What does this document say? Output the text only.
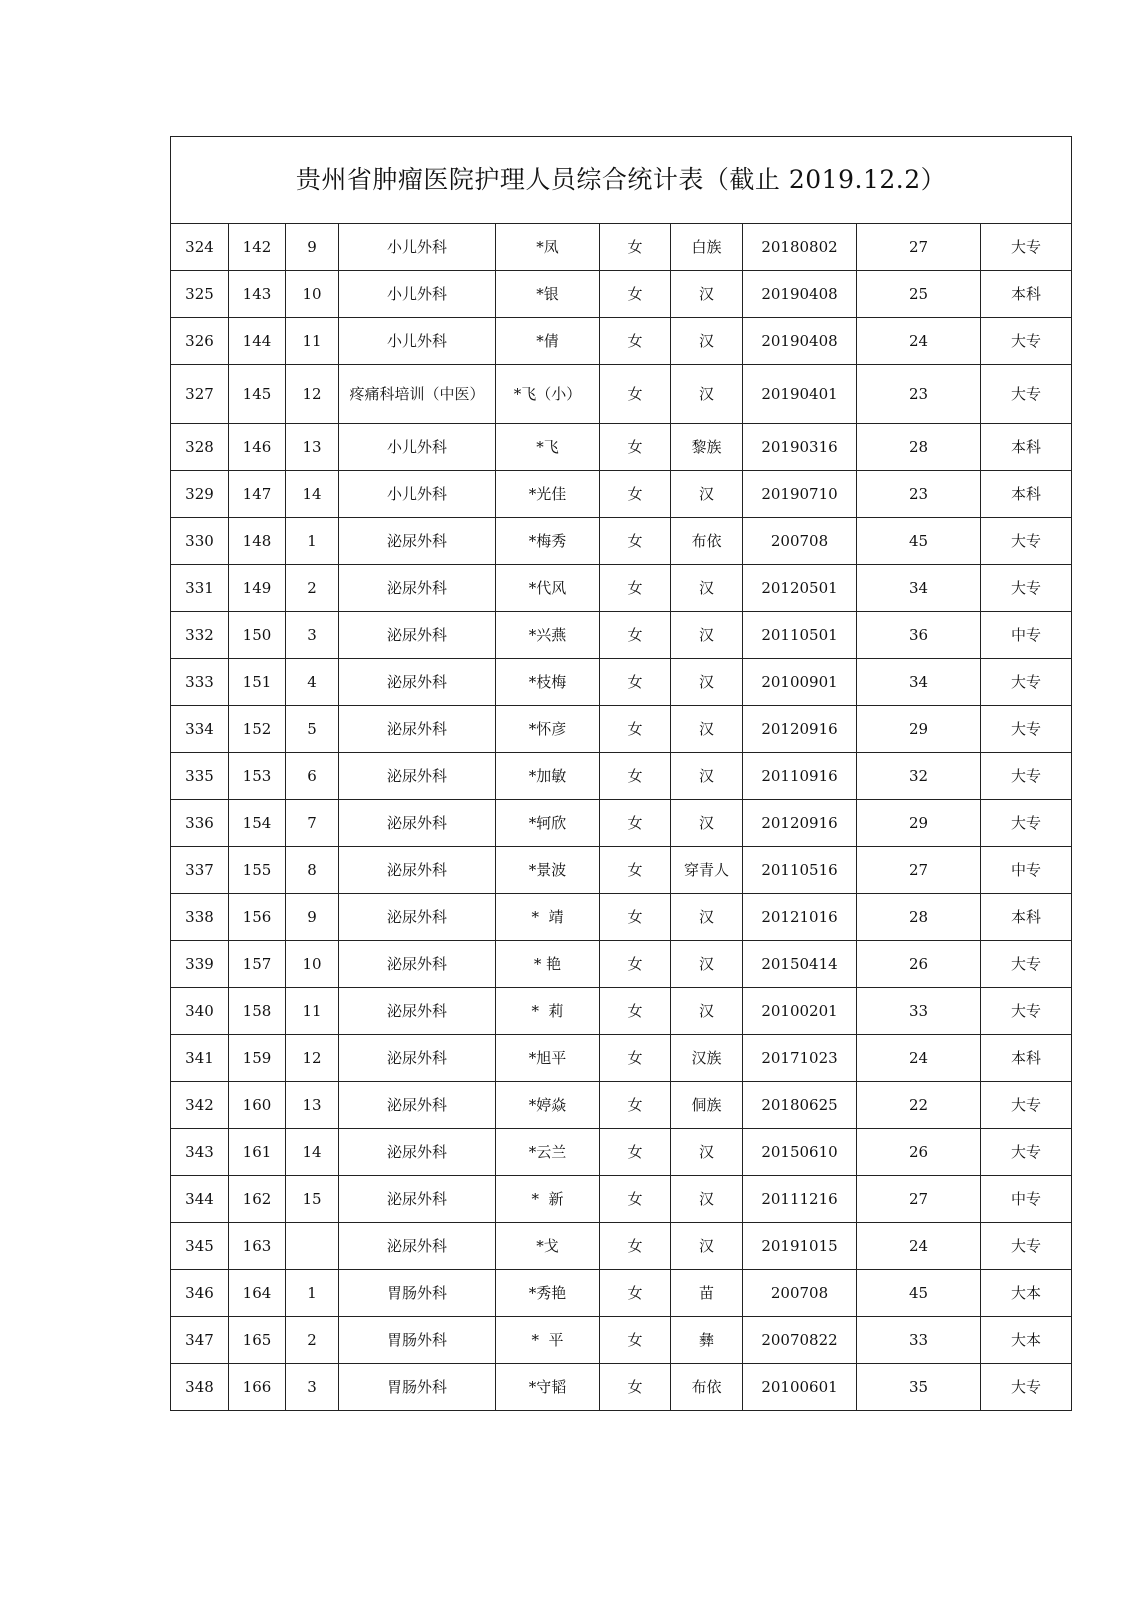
贵州省肿瘤医院护理人员综合统计表（截止 2019.12.2）									
324	142	9	小儿外科	*凤	女	白族	20180802	27	大专
325	143	10	小儿外科	*银	女	汉	20190408	25	本科
326	144	11	小儿外科	*倩	女	汉	20190408	24	大专
327	145	12	疼痛科培训（中医）	*飞（小）	女	汉	20190401	23	大专
328	146	13	小儿外科	*飞	女	黎族	20190316	28	本科
329	147	14	小儿外科	*光佳	女	汉	20190710	23	本科
330	148	1	泌尿外科	*梅秀	女	布依	200708	45	大专
331	149	2	泌尿外科	*代风	女	汉	20120501	34	大专
332	150	3	泌尿外科	*兴燕	女	汉	20110501	36	中专
333	151	4	泌尿外科	*枝梅	女	汉	20100901	34	大专
334	152	5	泌尿外科	*怀彦	女	汉	20120916	29	大专
335	153	6	泌尿外科	*加敏	女	汉	20110916	32	大专
336	154	7	泌尿外科	*轲欣	女	汉	20120916	29	大专
337	155	8	泌尿外科	*景波	女	穿青人	20110516	27	中专
338	156	9	泌尿外科	*  靖	女	汉	20121016	28	本科
339	157	10	泌尿外科	* 艳	女	汉	20150414	26	大专
340	158	11	泌尿外科	*  莉	女	汉	20100201	33	大专
341	159	12	泌尿外科	*旭平	女	汉族	20171023	24	本科
342	160	13	泌尿外科	*婷焱	女	侗族	20180625	22	大专
343	161	14	泌尿外科	*云兰	女	汉	20150610	26	大专
344	162	15	泌尿外科	*  新	女	汉	20111216	27	中专
345	163		泌尿外科	*戈	女	汉	20191015	24	大专
346	164	1	胃肠外科	*秀艳	女	苗	200708	45	大本
347	165	2	胃肠外科	*  平	女	彝	20070822	33	大本
348	166	3	胃肠外科	*守韬	女	布依	20100601	35	大专
